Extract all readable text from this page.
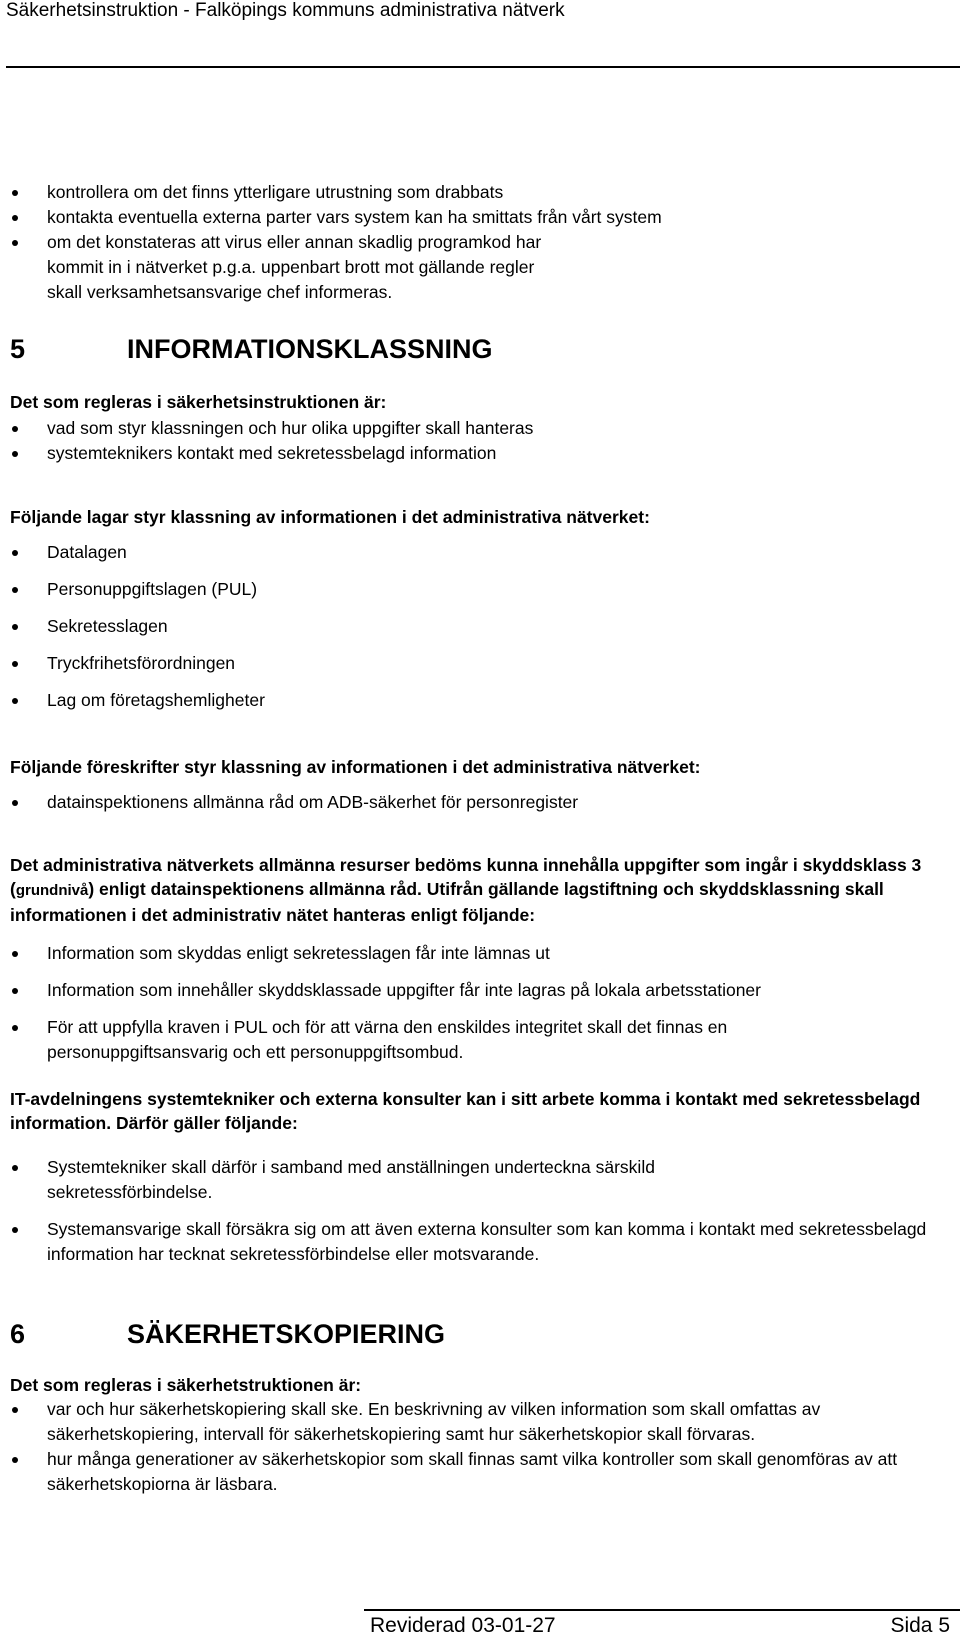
Säkerhetsinstruktion - Falköpings kommuns administrativa nätverk
kontrollera om det finns ytterligare utrustning som drabbats
kontakta eventuella externa parter vars system kan ha smittats från vårt system
om det konstateras att virus eller annan skadlig programkod har kommit in i nätverket p.g.a. uppenbart brott mot gällande regler skall verksamhetsansvarige chef informeras.
5	INFORMATIONSKLASSNING
Det som regleras i säkerhetsinstruktionen är:
vad som styr klassningen och hur olika uppgifter skall hanteras
systemteknikers kontakt med sekretessbelagd information
Följande lagar styr klassning av informationen i det administrativa nätverket:
Datalagen
Personuppgiftslagen (PUL)
Sekretesslagen
Tryckfrihetsförordningen
Lag om företagshemligheter
Följande föreskrifter styr klassning av informationen i det administrativa nätverket:
datainspektionens allmänna råd om ADB-säkerhet för personregister
Det administrativa nätverkets allmänna resurser bedöms kunna innehålla uppgifter som ingår i skyddsklass 3 (grundnivå) enligt datainspektionens allmänna råd. Utifrån gällande lagstiftning och skyddsklassning skall informationen i det administrativ nätet hanteras enligt följande:
Information som skyddas enligt sekretesslagen får inte lämnas ut
Information som innehåller skyddsklassade uppgifter får inte lagras på lokala arbetsstationer
För att uppfylla kraven i PUL och för att värna den enskildes integritet skall det finnas en personuppgiftsansvarig och ett personuppgiftsombud.
IT-avdelningens systemtekniker och externa konsulter kan i sitt arbete komma i kontakt med sekretessbelagd information. Därför gäller följande:
Systemtekniker skall därför i samband med anställningen underteckna särskild sekretessförbindelse.
Systemansvarige skall försäkra sig om att även externa konsulter som kan komma i kontakt med sekretessbelagd information har tecknat sekretessförbindelse eller motsvarande.
6	SÄKERHETSKOPIERING
Det som regleras i säkerhetstruktionen är:
var och hur säkerhetskopiering skall ske. En beskrivning av vilken information som skall omfattas av säkerhetskopiering, intervall för säkerhetskopiering samt hur säkerhetskopior skall förvaras.
hur många generationer av säkerhetskopior som skall finnas samt vilka kontroller som skall genomföras av att säkerhetskopiorna är läsbara.
Reviderad 03-01-27	Sida 5
